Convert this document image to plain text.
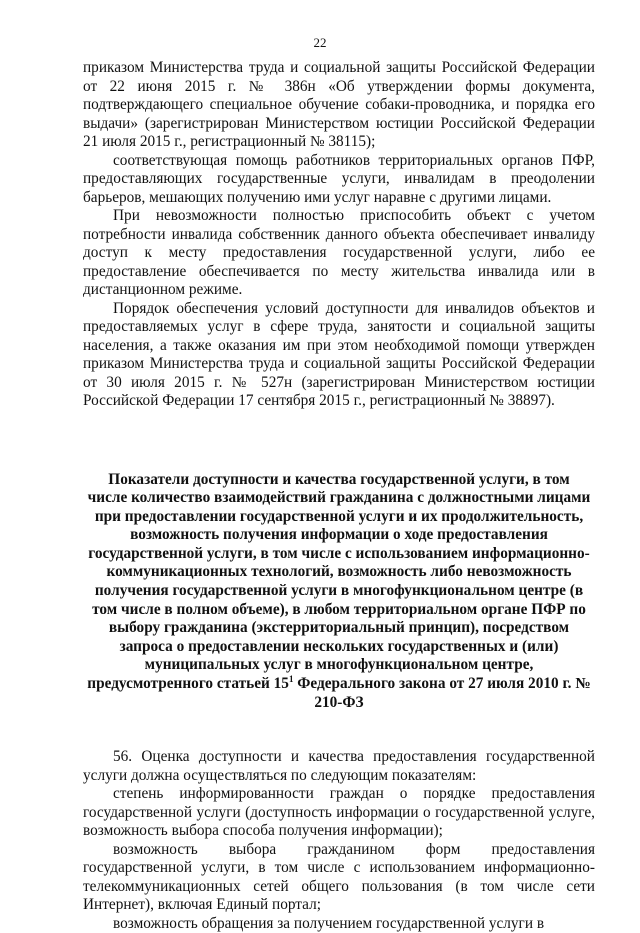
22

приказом Министерства труда и социальной защиты Российской Федерации от 22 июня 2015 г. № 386н «Об утверждении формы документа, подтверждающего специальное обучение собаки-проводника, и порядка его выдачи» (зарегистрирован Министерством юстиции Российской Федерации 21 июля 2015 г., регистрационный № 38115);

соответствующая помощь работников территориальных органов ПФР, предоставляющих государственные услуги, инвалидам в преодолении барьеров, мешающих получению ими услуг наравне с другими лицами.

При невозможности полностью приспособить объект с учетом потребности инвалида собственник данного объекта обеспечивает инвалиду доступ к месту предоставления государственной услуги, либо ее предоставление обеспечивается по месту жительства инвалида или в дистанционном режиме.

Порядок обеспечения условий доступности для инвалидов объектов и предоставляемых услуг в сфере труда, занятости и социальной защиты населения, а также оказания им при этом необходимой помощи утвержден приказом Министерства труда и социальной защиты Российской Федерации от 30 июля 2015 г. № 527н (зарегистрирован Министерством юстиции Российской Федерации 17 сентября 2015 г., регистрационный № 38897).

Показатели доступности и качества государственной услуги, в том числе количество взаимодействий гражданина с должностными лицами при предоставлении государственной услуги и их продолжительность, возможность получения информации о ходе предоставления государственной услуги, в том числе с использованием информационно-коммуникационных технологий, возможность либо невозможность получения государственной услуги в многофункциональном центре (в том числе в полном объеме), в любом территориальном органе ПФР по выбору гражданина (экстерриториальный принцип), посредством запроса о предоставлении нескольких государственных и (или) муниципальных услуг в многофункциональном центре, предусмотренного статьей $15^1$ Федерального закона от 27 июля 2010 г. № 210-ФЗ

56. Оценка доступности и качества предоставления государственной услуги должна осуществляться по следующим показателям:

степень информированности граждан о порядке предоставления государственной услуги (доступность информации о государственной услуге, возможность выбора способа получения информации);

возможность выбора гражданином форм предоставления государственной услуги, в том числе с использованием информационно-телекоммуникационных сетей общего пользования (в том числе сети Интернет), включая Единый портал;

возможность обращения за получением государственной услуги в
